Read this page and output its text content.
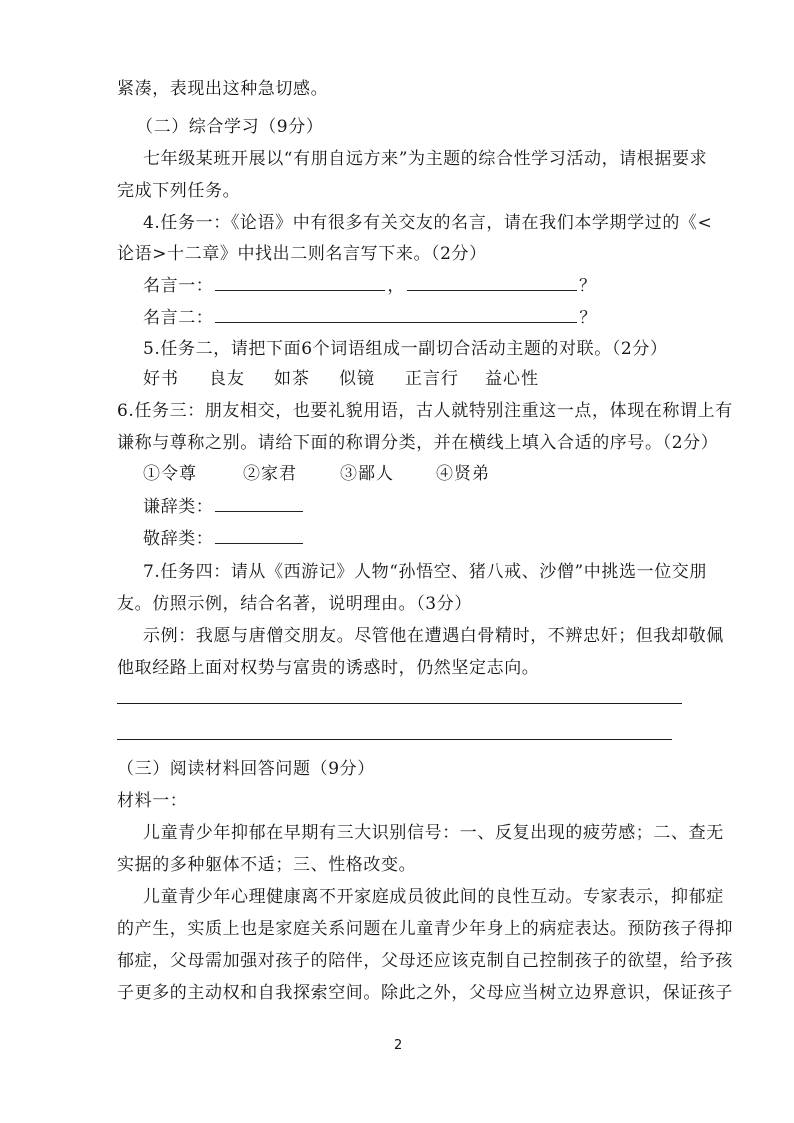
紧凑，表现出这种急切感。
（二）综合学习（9分）
七年级某班开展以“有朋自远方来”为主题的综合性学习活动，请根据要求
完成下列任务。
4.任务一：《论语》中有很多有关交友的名言，请在我们本学期学过的《<
论语>十二章》中找出二则名言写下来。（2分）
名言一：	，	？
名言二：	？
5.任务二，请把下面6个词语组成一副切合活动主题的对联。（2分）
好书 良友 如茶 似镜 正言行 益心性
6.任务三：朋友相交，也要礼貌用语，古人就特别注重这一点，体现在称谓上有
谦称与尊称之别。请给下面的称谓分类，并在横线上填入合适的序号。（2分）
①令尊	②家君	③鄙人 ④贤弟
谦辞类：
敬辞类：
7.任务四：请从《西游记》人物“孙悟空、猪八戒、沙僧”中挑选一位交朋
友。仿照示例，结合名著，说明理由。（3分）
示例：我愿与唐僧交朋友。尽管他在遭遇白骨精时，不辨忠奸；但我却敬佩
他取经路上面对权势与富贵的诱惑时，仍然坚定志向。
（三）阅读材料回答问题（9分）
材料一：
儿童青少年抑郁在早期有三大识别信号：一、反复出现的疲劳感；二、查无
实据的多种躯体不适；三、性格改变。
儿童青少年心理健康离不开家庭成员彼此间的良性互动。专家表示，抑郁症
的产生，实质上也是家庭关系问题在儿童青少年身上的病症表达。预防孩子得抑
郁症，父母需加强对孩子的陪伴，父母还应该克制自己控制孩子的欲望，给予孩
子更多的主动权和自我探索空间。除此之外，父母应当树立边界意识，保证孩子
2
